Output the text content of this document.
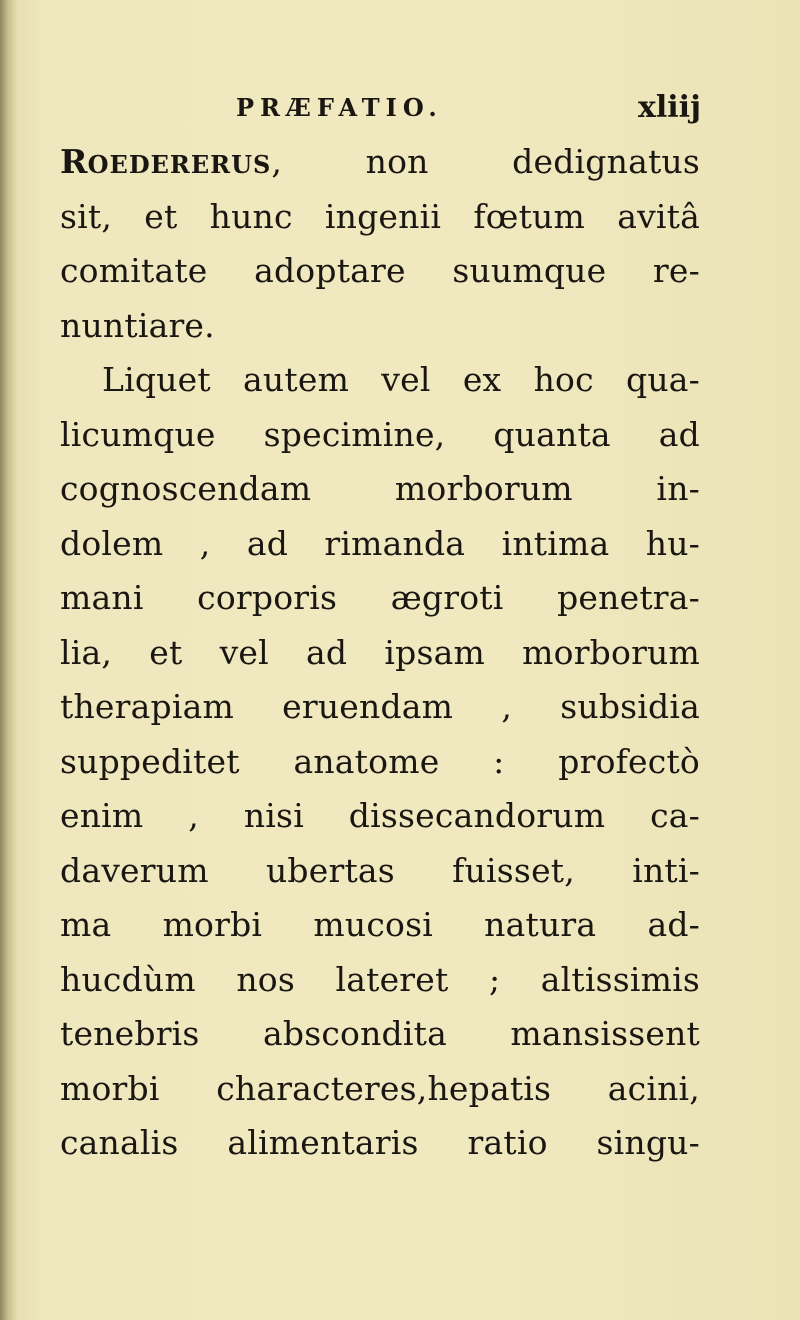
PRÆFATIO.	xliij
ROEDERERUS, non dedignatus
sit, et hunc ingenii fœtum avitâ
comitate adoptare suumque re-
nuntiare.
Liquet autem vel ex hoc qua-
licumque specimine, quanta ad
cognoscendam morborum in-
dolem , ad rimanda intima hu-
mani corporis ægroti penetra-
lia, et vel ad ipsam morborum
therapiam eruendam , subsidia
suppeditet anatome : profectò
enim , nisi dissecandorum ca-
daverum ubertas fuisset, inti-
ma morbi mucosi natura ad-
hucdùm nos lateret ; altissimis
tenebris abscondita mansissent
morbi characteres,hepatis acini,
canalis alimentaris ratio singu-
